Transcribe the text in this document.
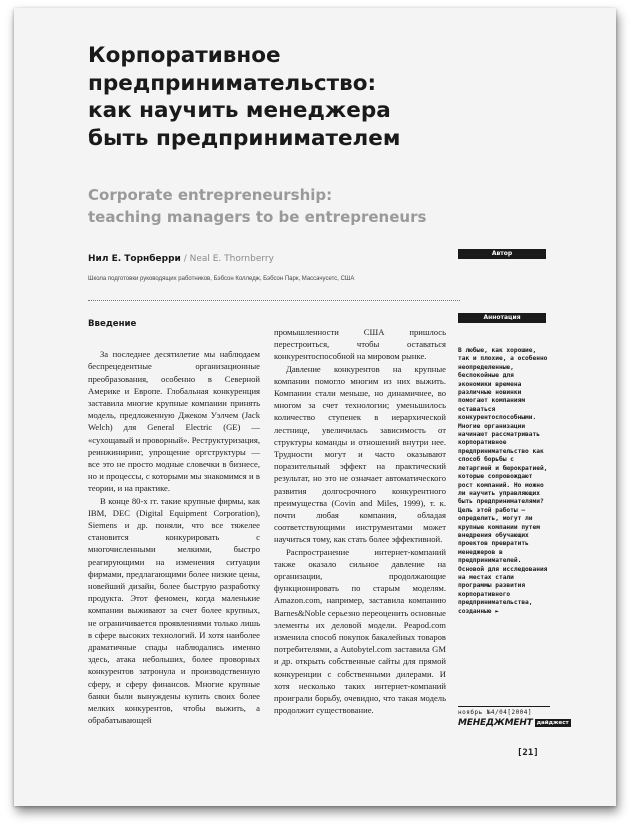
Корпоративное
предпринимательство:
как научить менеджера
быть предпринимателем
Corporate entrepreneurship:
teaching managers to be entrepreneurs
Нил Е. Торнберри / Neal E. Thornberry
Школа подготовки руководящих работников, Бэбсон Колледж, Бэбсон Парк, Массачусетс, США
Автор
Аннотация
Введение

За последнее десятилетие мы наблюдаем беспрецедентные организационные преобразования, особенно в Северной Америке и Европе. Глобальная конкуренция заставила многие крупные компании принять модель, предложенную Джеком Уэлчем (Jack Welch) для General Electric (GE) — «сухощавый и проворный». Реструктуризация, реинжиниринг, упрощение оргструктуры — все это не просто модные словечки в бизнесе, но и процессы, с которыми мы знакомимся и в теории, и на практике.

В конце 80-х гг. такие крупные фирмы, как IBM, DEC (Digital Equipment Corporation), Siemens и др. поняли, что все тяжелее становится конкурировать с многочисленными мелкими, быстро реагирующими на изменения ситуации фирмами, предлагающими более низкие цены, новейший дизайн, более быструю разработку продукта. Этот феномен, когда маленькие компании выживают за счет более крупных, не ограничивается проявлениями только лишь в сфере высоких технологий. И хотя наиболее драматичные спады наблюдались именно здесь, атака небольших, более проворных конкурентов затронула и производственную сферу, и сферу финансов. Многие крупные банки были вынуждены купить своих более мелких конкурентов, чтобы выжить, а обрабатывающей

промышленности США пришлось перестроиться, чтобы оставаться конкурентоспособной на мировом рынке.

Давление конкурентов на крупные компании помогло многим из них выжить. Компании стали меньше, но динамичнее, во многом за счет технологии; уменьшилось количество ступенек в иерархической лестнице, увеличилась зависимость от структуры команды и отношений внутри нее. Трудности могут и часто оказывают поразительный эффект на практический результат, но это не означает автоматического развития долгосрочного конкурентного преимущества (Covin and Miles, 1999), т. к. почти любая компания, обладая соответствующими инструментами может научиться тому, как стать более эффективной.

Распространение интернет-компаний также оказало сильное давление на организации, продолжающие функционировать по старым моделям. Amazon.com, например, заставила компанию Barnes&Noble серьезно переоценить основные элементы их деловой модели. Peapod.com изменила способ покупок бакалейных товаров потребителями, а Autobytel.com заставила GM и др. открыть собственные сайты для прямой конкуренции с собственными дилерами. И хотя несколько таких интернет-компаний проиграли борьбу, очевидно, что такая модель продолжит существование.

В любые, как хорошие, так и плохие, а особенно неопределенные, беспокойные для экономики времена различные новинки помогают компаниям оставаться конкурентоспособными. Многие организации начинают рассматривать корпоративное предпринимательство как способ борьбы с летаргией и бюрократией, которые сопровождают рост компаний. Но можно ли научить управляющих быть предпринимателями? Цель этой работы — определить, могут ли крупные компании путем внедрения обучающих проектов превратить менеджеров в предпринимателей. Основой для исследования на местах стали программы развития корпоративного предпринимательства, созданные ►
ноябрь №4/04[2004]
МЕНЕДЖМЕНТ дайджест
[21]
